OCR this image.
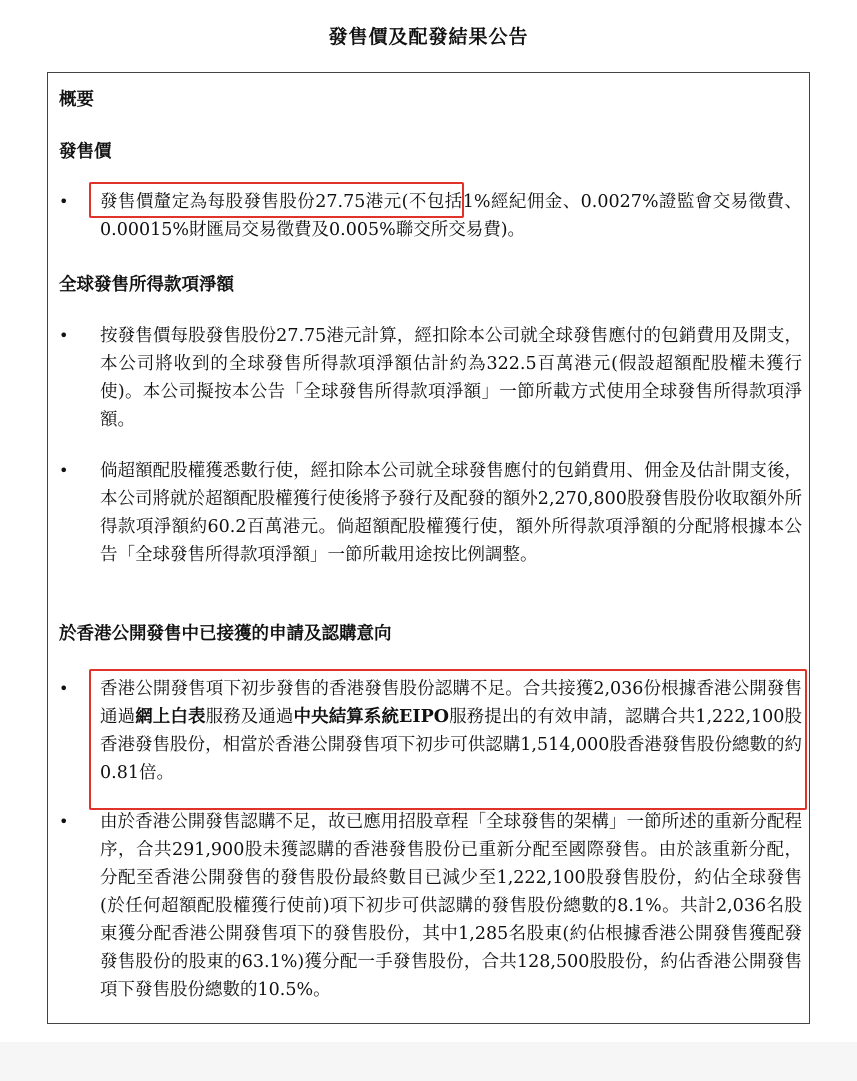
發售價及配發結果公告
概要
發售價
• 發售價釐定為每股發售股份27.75港元(不包括1%經紀佣金、0.0027%證監會交易徵費、0.00015%財匯局交易徵費及0.005%聯交所交易費)。
全球發售所得款項淨額
• 按發售價每股發售股份27.75港元計算，經扣除本公司就全球發售應付的包銷費用及開支，本公司將收到的全球發售所得款項淨額估計約為322.5百萬港元(假設超額配股權未獲行使)。本公司擬按本公告「全球發售所得款項淨額」一節所載方式使用全球發售所得款項淨額。
• 倘超額配股權獲悉數行使，經扣除本公司就全球發售應付的包銷費用、佣金及估計開支後，本公司將就於超額配股權獲行使後將予發行及配發的額外2,270,800股發售股份收取額外所得款項淨額約60.2百萬港元。倘超額配股權獲行使，額外所得款項淨額的分配將根據本公告「全球發售所得款項淨額」一節所載用途按比例調整。
於香港公開發售中已接獲的申請及認購意向
• 香港公開發售項下初步發售的香港發售股份認購不足。合共接獲2,036份根據香港公開發售通過網上白表服務及通過中央結算系統EIPO服務提出的有效申請，認購合共1,222,100股香港發售股份，相當於香港公開發售項下初步可供認購1,514,000股香港發售股份總數的約0.81倍。
• 由於香港公開發售認購不足，故已應用招股章程「全球發售的架構」一節所述的重新分配程序，合共291,900股未獲認購的香港發售股份已重新分配至國際發售。由於該重新分配，分配至香港公開發售的發售股份最終數目已減少至1,222,100股發售股份，約佔全球發售(於任何超額配股權獲行使前)項下初步可供認購的發售股份總數的8.1%。共計2,036名股東獲分配香港公開發售項下的發售股份，其中1,285名股東(約佔根據香港公開發售獲配發發售股份的股東的63.1%)獲分配一手發售股份，合共128,500股股份，約佔香港公開發售項下發售股份總數的10.5%。
